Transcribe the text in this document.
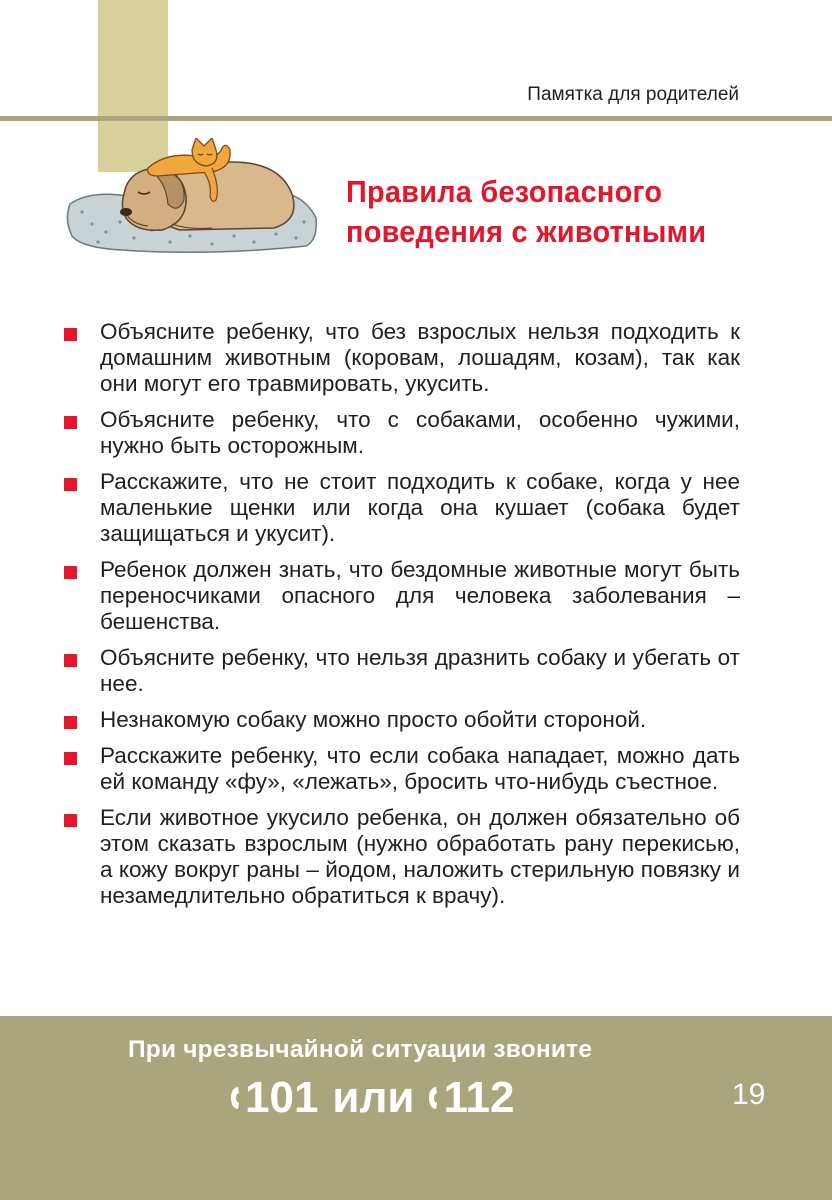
Памятка для родителей
Правила безопасного
поведения с животными
Объясните ребенку, что без взрослых нельзя подходить к домашним животным (коровам, лошадям, козам), так как они могут его травмировать, укусить.
Объясните ребенку, что с собаками, особенно чужими, нужно быть осторожным.
Расскажите, что не стоит подходить к собаке, когда у нее маленькие щенки или когда она кушает (собака будет защищаться и укусит).
Ребенок должен знать, что бездомные животные могут быть переносчиками опасного для человека заболевания – бешенства.
Объясните ребенку, что нельзя дразнить собаку и убегать от нее.
Незнакомую собаку можно просто обойти стороной.
Расскажите ребенку, что если собака нападает, можно дать ей команду «фу», «лежать», бросить что-нибудь съестное.
Если животное укусило ребенка, он должен обязательно об этом сказать взрослым (нужно обработать рану перекисью, а кожу вокруг раны – йодом, наложить стерильную повязку и незамедлительно обратиться к врачу).
При чрезвычайной ситуации звоните
101 или 112	19
